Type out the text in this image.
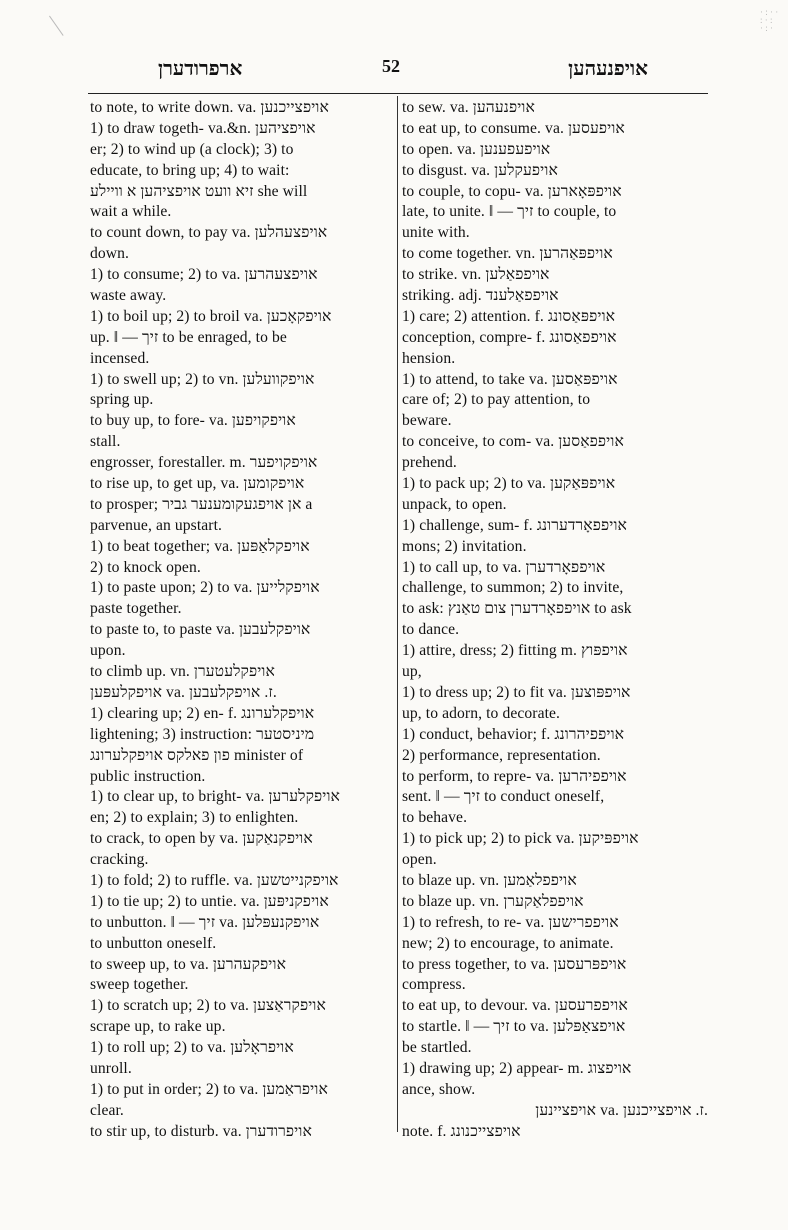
· : · ·
: · :
· : ·
ארפרודערן	52	אויפנעהען
to note, to write down. va. אויפצייכנען
1) to draw togeth- va.&n. אויפציהען
er; 2) to wind up (a clock); 3) to
educate, to bring up; 4) to wait:
זיא וועט אויפציהען א וויילע she will
wait a while.
to count down, to pay va. אויפצעהלען
down.
1) to consume; 2) to va. אויפצעהרען
waste away.
1) to boil up; 2) to broil va. אויפקאָכען
up. ‖ — זיך to be enraged, to be
incensed.
1) to swell up; 2) to vn. אויפקוועלען
spring up.
to buy up, to fore- va. אויפקויפען
stall.
engrosser, forestaller. m. אויפקויפער
to rise up, to get up, va. אויפקומען
to prosper; אן אויפגעקומענער גביר a
parvenue, an upstart.
1) to beat together; va. אויפקלאַפּען
2) to knock open.
1) to paste upon; 2) to va. אויפקלייען
paste together.
to paste to, to paste va. אויפקלעבען
upon.
to climb up. vn. אויפקלעטערן
אויפקלעפּען va. ז. אויפקלעבען.
1) clearing up; 2) en- f. אויפקלערונג
lightening; 3) instruction: מיניסטער
פון פאלקס אויפקלערונג minister of
public instruction.
1) to clear up, to bright- va. אויפקלערען
en; 2) to explain; 3) to enlighten.
to crack, to open by va. אויפקנאַקען
cracking.
1) to fold; 2) to ruffle. va. אויפקנייטשען
1) to tie up; 2) to untie. va. אויפקניפּען
to unbutton. ‖ — זיך va. אויפקנעפּלען
to unbutton oneself.
to sweep up, to va. אויפקעהרען
sweep together.
1) to scratch up; 2) to va. אויפקראַצען
scrape up, to rake up.
1) to roll up; 2) to va. אויפראָלען
unroll.
1) to put in order; 2) to va. אויפראַמען
clear.
to stir up, to disturb. va. אויפרודערן
to sew. va. אויפנעהען
to eat up, to consume. va. אויפעסען
to open. va. אויפעפענען
to disgust. va. אויפעקלען
to couple, to copu- va. אויפפּאָארען
late, to unite. ‖ — זיך to couple, to
unite with.
to come together. vn. אויפפּאַהרען
to strike. vn. אויפפאַלען
striking. adj. אויפפאַלענד
1) care; 2) attention. f. אויפפּאַסונג
conception, compre- f. אויפפאַסונג
hension.
1) to attend, to take va. אויפפּאַסען
care of; 2) to pay attention, to
beware.
to conceive, to com- va. אויפפאַסען
prehend.
1) to pack up; 2) to va. אויפפּאַקען
unpack, to open.
1) challenge, sum- f. אויפפאָרדערונג
mons; 2) invitation.
1) to call up, to va. אויפפאָרדערן
challenge, to summon; 2) to invite,
to ask: אויפפאָרדערן צום טאַנץ to ask
to dance.
1) attire, dress; 2) fitting m. אויפפּוץ
up,
1) to dress up; 2) to fit va. אויפפּוצען
up, to adorn, to decorate.
1) conduct, behavior; f. אויפפיהרונג
2) performance, representation.
to perform, to repre- va. אויפפיהרען
sent. ‖ — זיך to conduct oneself,
to behave.
1) to pick up; 2) to pick va. אויפפּיקען
open.
to blaze up. vn. אויפפלאַמען
to blaze up. vn. אויפפלאַקערן
1) to refresh, to re- va. אויפפרישען
new; 2) to encourage, to animate.
to press together, to va. אויפפּרעסען
compress.
to eat up, to devour. va. אויפפרעסען
to startle. ‖ — זיך to va. אויפצאַפּלען
be startled.
1) drawing up; 2) appear- m. אויפצוג
ance, show.
אויפציינען va. ז. אויפצייכנען.
note. f. אויפצייכנונג
